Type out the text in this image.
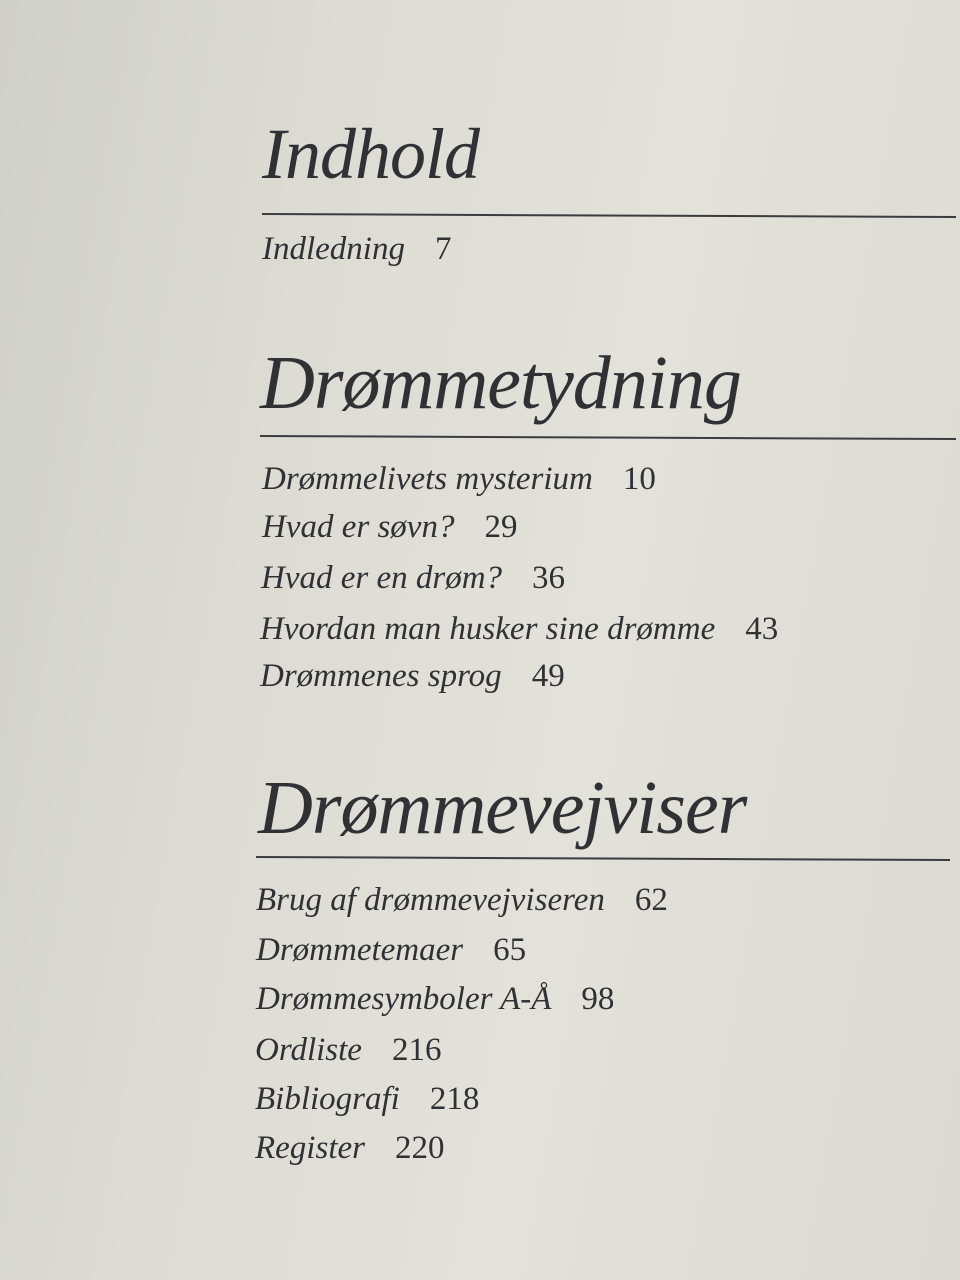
Indhold
Indledning 7
Drømmetydning
Drømmelivets mysterium 10
Hvad er søvn? 29
Hvad er en drøm? 36
Hvordan man husker sine drømme 43
Drømmenes sprog 49
Drømmevejviser
Brug af drømmevejviseren 62
Drømmetemaer 65
Drømmesymboler A-Å 98
Ordliste 216
Bibliografi 218
Register 220
